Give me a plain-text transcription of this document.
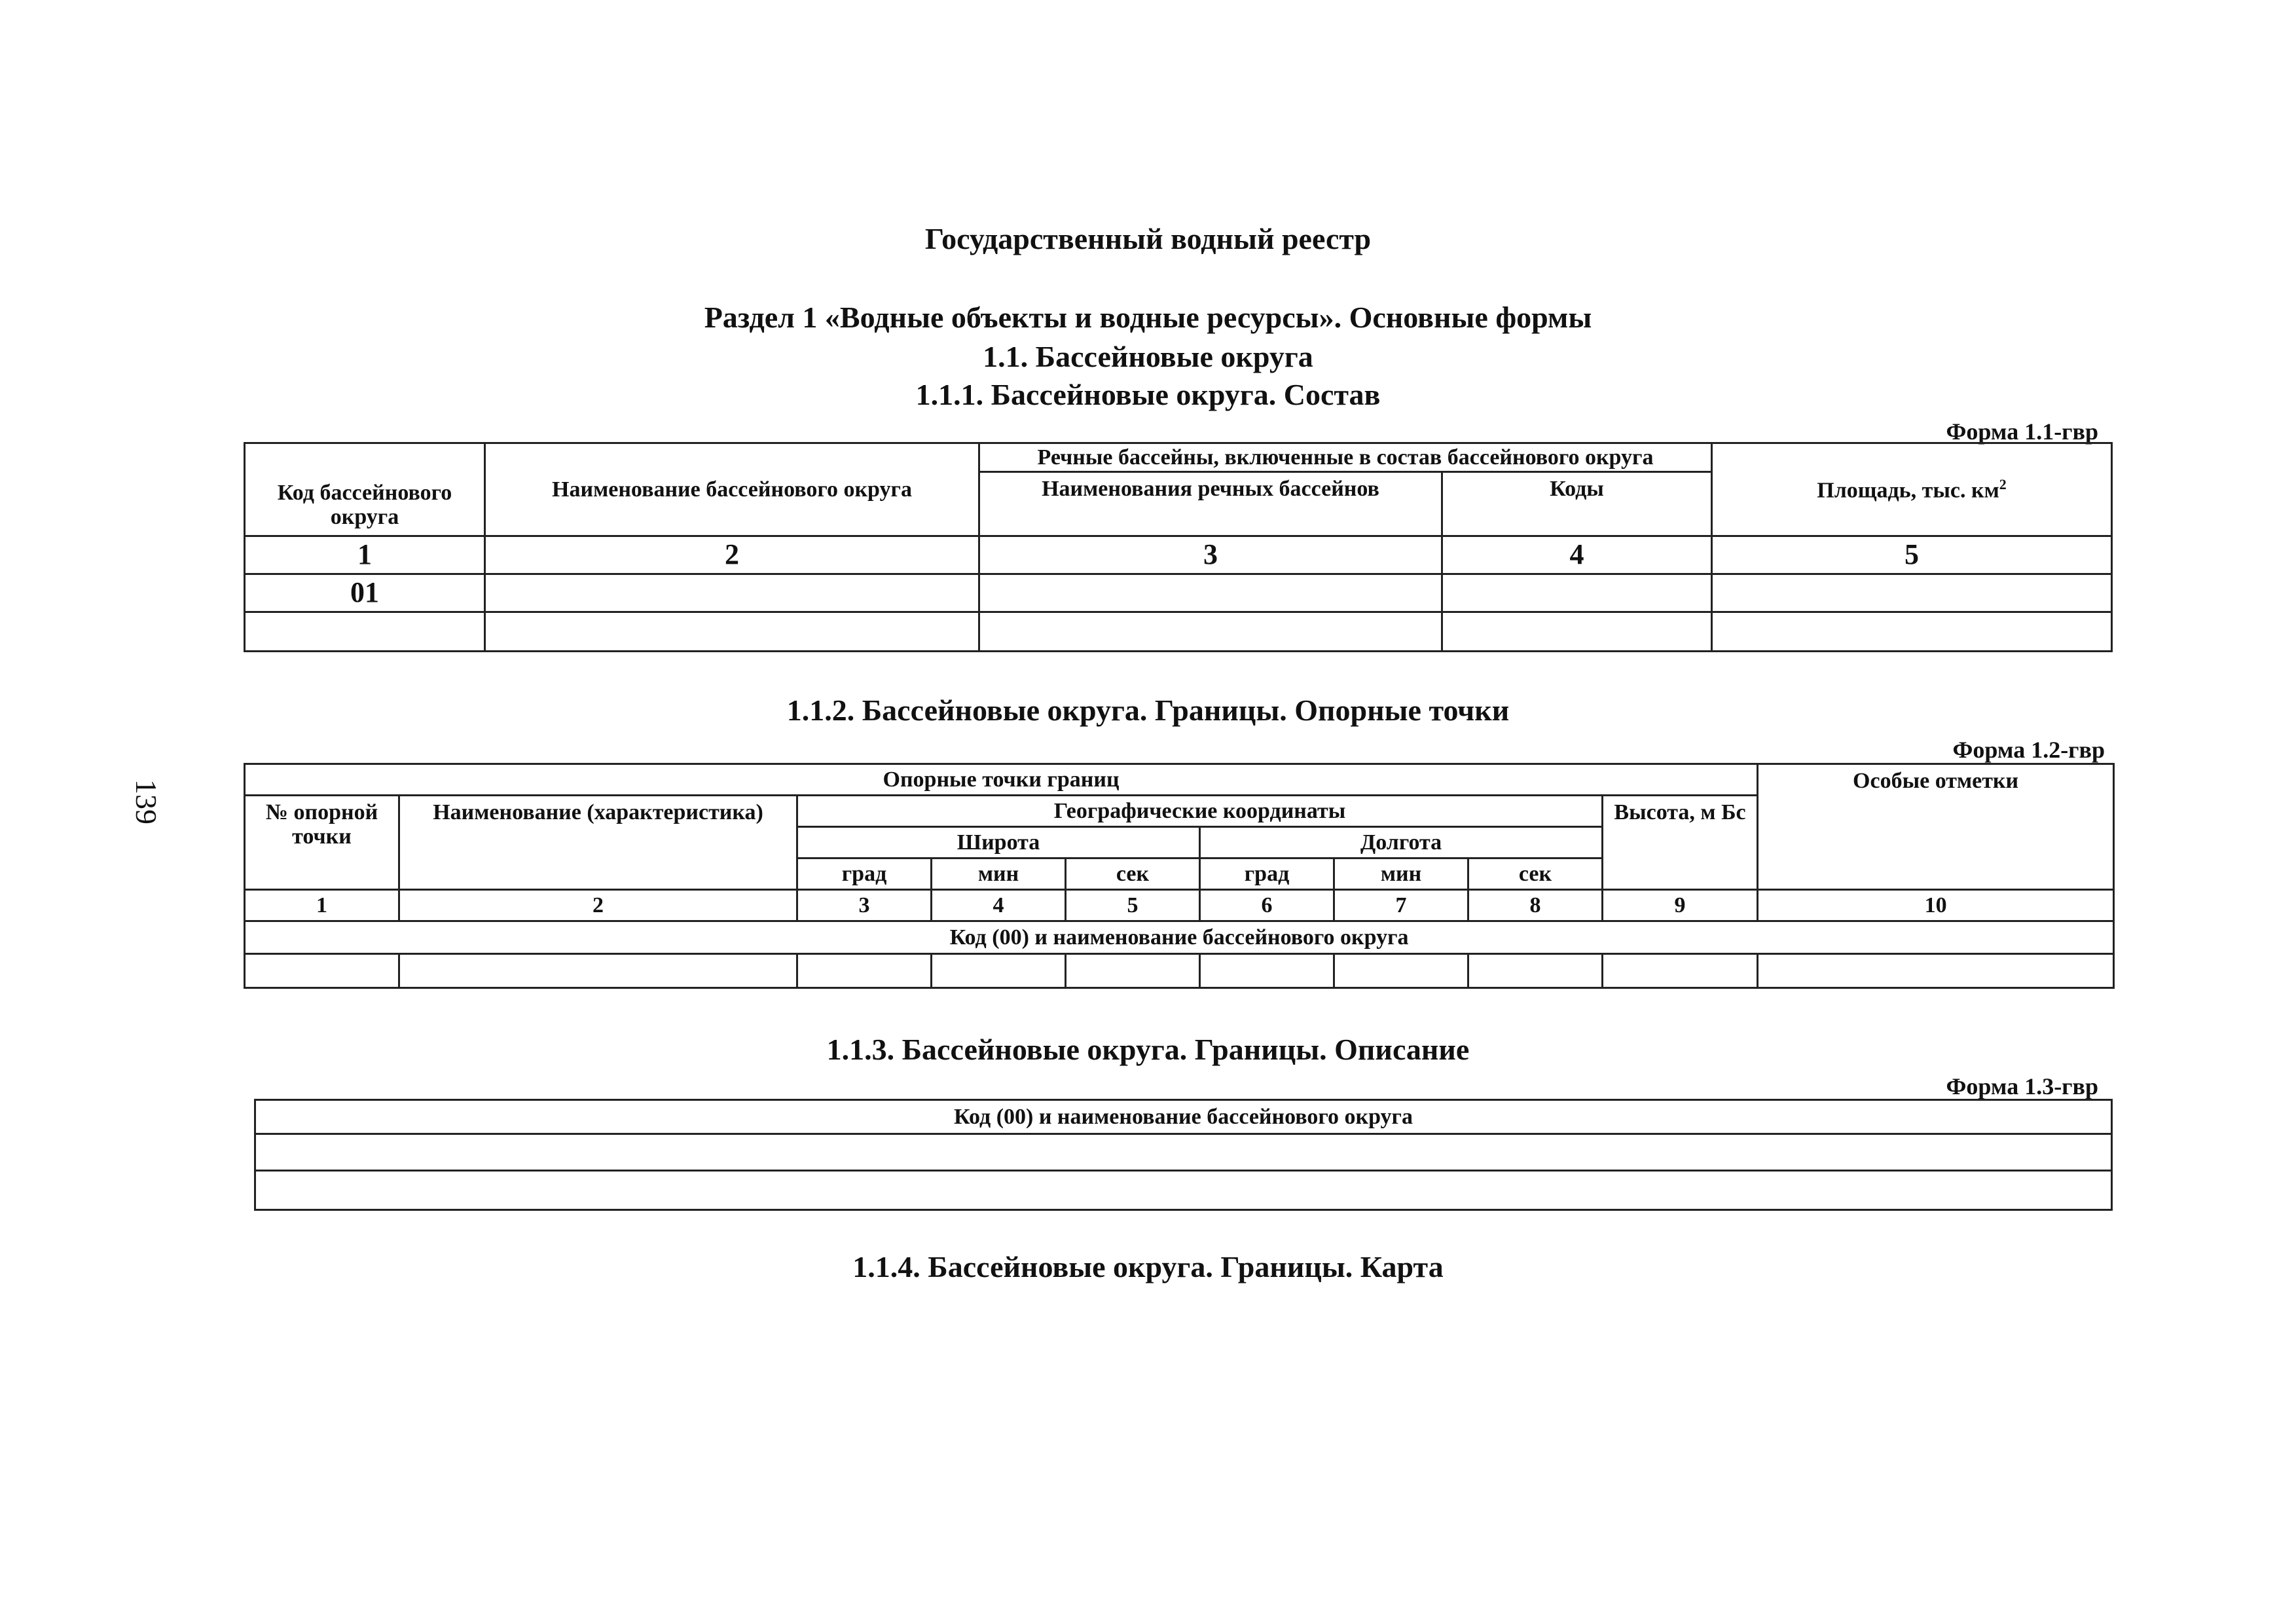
139
Государственный водный реестр
Раздел 1 «Водные объекты и водные ресурсы». Основные формы
1.1. Бассейновые округа
1.1.1. Бассейновые округа. Состав
Форма 1.1-гвр
Код бассейнового округа	Наименование бассейнового округа	Речные бассейны, включенные в состав бассейнового округа		Площадь, тыс. $км^2$
		Наименования речных бассейнов	Коды	
1	2	3	4	5
01				

1.1.2. Бассейновые округа. Границы. Опорные точки
Форма 1.2-гвр
Опорные точки границ									Особые отметки
№ опорной точки	Наименование (характеристика)	Географические координаты						Высота, м Бс	
		Широта			Долгота				
		град	мин	сек	град	мин	сек		
1	2	3	4	5	6	7	8	9	10
Код (00) и наименование бассейнового округа									

1.1.3. Бассейновые округа. Границы. Описание
Форма 1.3-гвр
Код (00) и наименование бассейнового округа

1.1.4. Бассейновые округа. Границы. Карта
